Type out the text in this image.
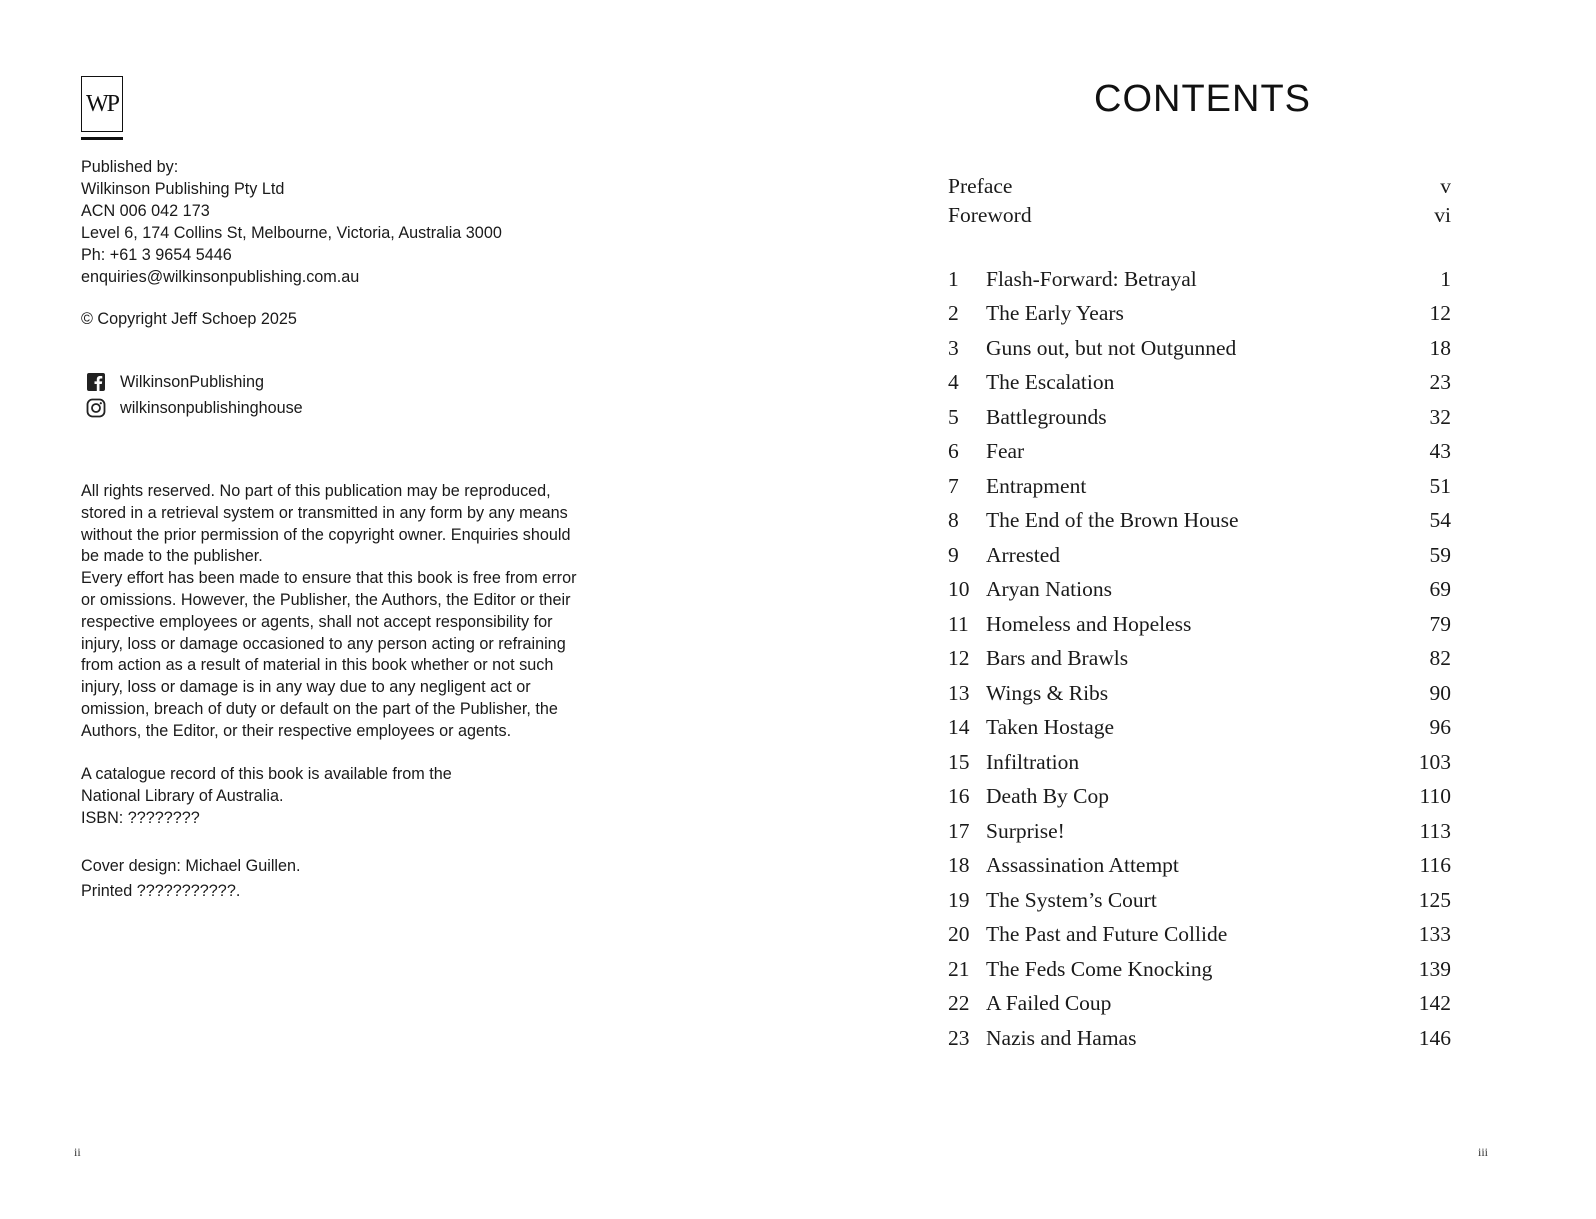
WP
Published by:
Wilkinson Publishing Pty Ltd
ACN 006 042 173
Level 6, 174 Collins St, Melbourne, Victoria, Australia 3000
Ph: +61 3 9654 5446
enquiries@wilkinsonpublishing.com.au
© Copyright Jeff Schoep 2025
WilkinsonPublishing
wilkinsonpublishinghouse
All rights reserved. No part of this publication may be reproduced,
stored in a retrieval system or transmitted in any form by any means
without the prior permission of the copyright owner. Enquiries should
be made to the publisher.
Every effort has been made to ensure that this book is free from error
or omissions. However, the Publisher, the Authors, the Editor or their
respective employees or agents, shall not accept responsibility for
injury, loss or damage occasioned to any person acting or refraining
from action as a result of material in this book whether or not such
injury, loss or damage is in any way due to any negligent act or
omission, breach of duty or default on the part of the Publisher, the
Authors, the Editor, or their respective employees or agents.
A catalogue record of this book is available from the
National Library of Australia.
ISBN: ????????
Cover design: Michael Guillen.
Printed ???????????.
ii
CONTENTS
Preface	v
Foreword	vi
1	Flash-Forward: Betrayal	1
2	The Early Years	12
3	Guns out, but not Outgunned	18
4	The Escalation	23
5	Battlegrounds	32
6	Fear	43
7	Entrapment	51
8	The End of the Brown House	54
9	Arrested	59
10 Aryan Nations	69
11 Homeless and Hopeless	79
12 Bars and Brawls	82
13 Wings & Ribs	90
14 Taken Hostage	96
15 Infiltration	103
16 Death By Cop	110
17 Surprise!	113
18 Assassination Attempt	116
19 The System’s Court	125
20 The Past and Future Collide	133
21 The Feds Come Knocking	139
22 A Failed Coup	142
23 Nazis and Hamas	146
iii
